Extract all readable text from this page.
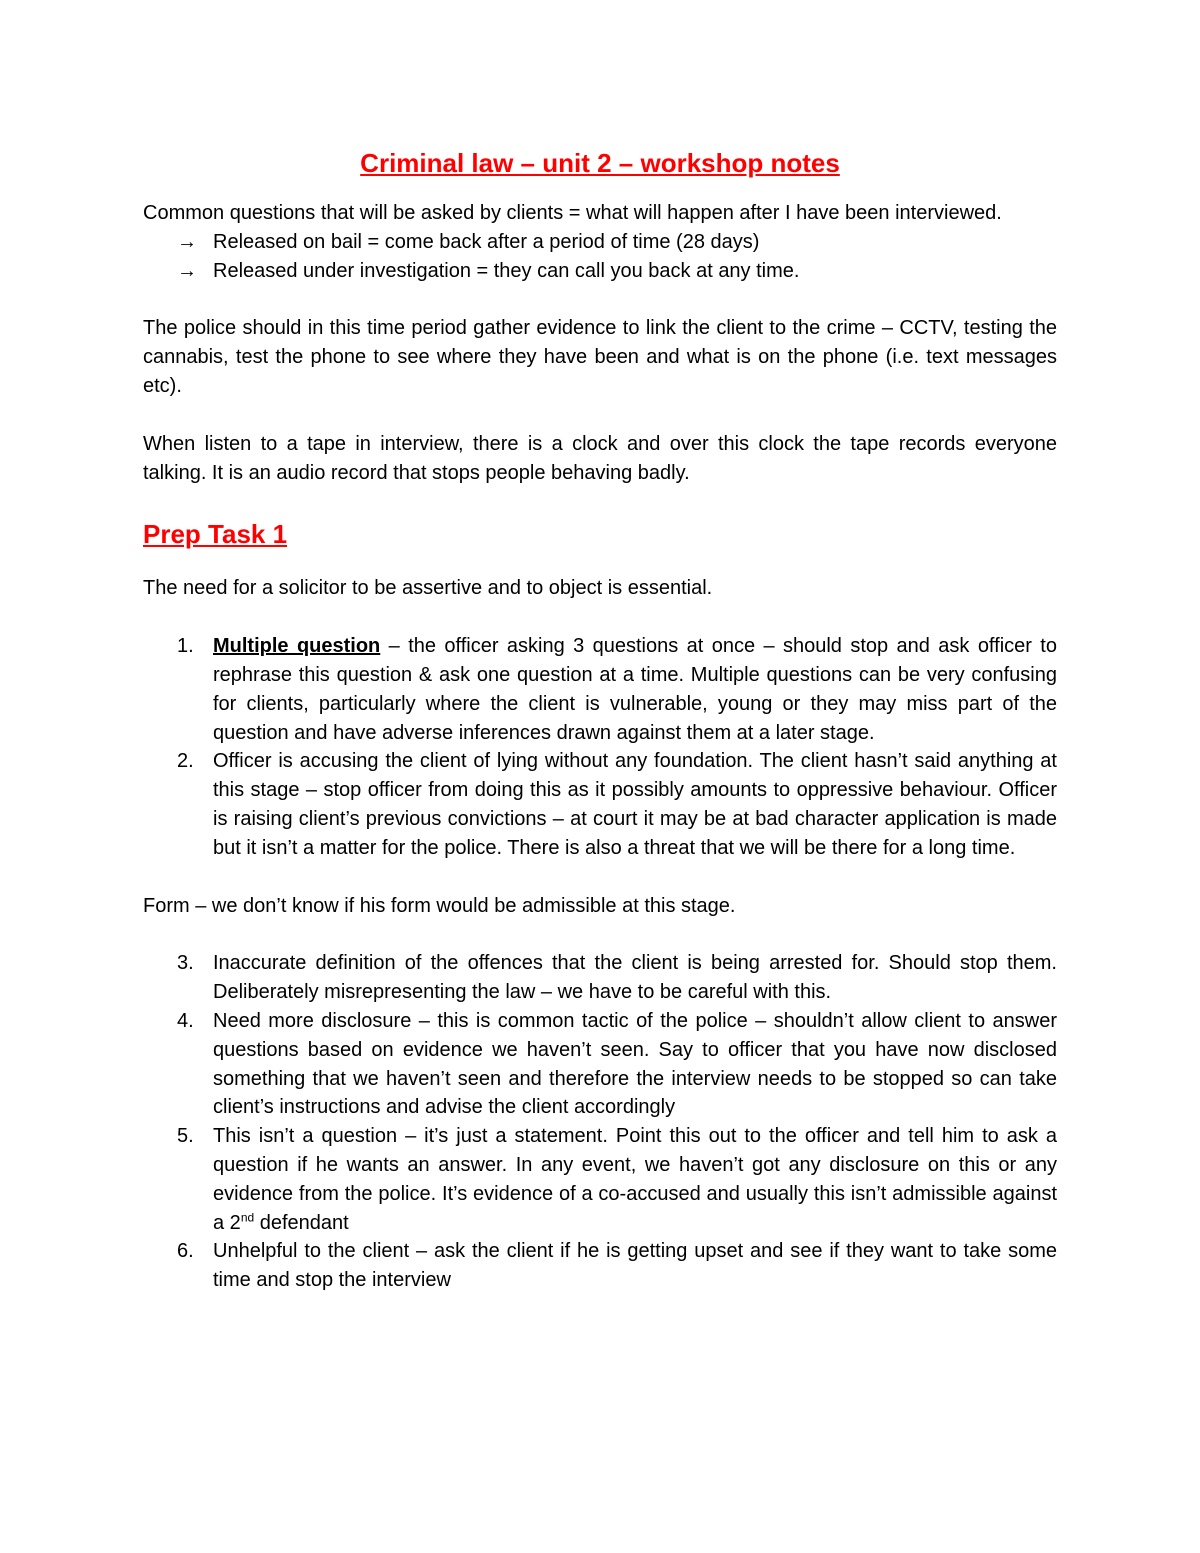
Criminal law – unit 2 – workshop notes

Common questions that will be asked by clients = what will happen after I have been interviewed.

→ Released on bail = come back after a period of time (28 days)
→ Released under investigation = they can call you back at any time.

The police should in this time period gather evidence to link the client to the crime – CCTV, testing the cannabis, test the phone to see where they have been and what is on the phone (i.e. text messages etc).

When listen to a tape in interview, there is a clock and over this clock the tape records everyone talking. It is an audio record that stops people behaving badly.

Prep Task 1

The need for a solicitor to be assertive and to object is essential.

1. Multiple question – the officer asking 3 questions at once – should stop and ask officer to rephrase this question & ask one question at a time. Multiple questions can be very confusing for clients, particularly where the client is vulnerable, young or they may miss part of the question and have adverse inferences drawn against them at a later stage.
2. Officer is accusing the client of lying without any foundation. The client hasn’t said anything at this stage – stop officer from doing this as it possibly amounts to oppressive behaviour. Officer is raising client’s previous convictions – at court it may be at bad character application is made but it isn’t a matter for the police. There is also a threat that we will be there for a long time.

Form – we don’t know if his form would be admissible at this stage.

3. Inaccurate definition of the offences that the client is being arrested for. Should stop them. Deliberately misrepresenting the law – we have to be careful with this.
4. Need more disclosure – this is common tactic of the police – shouldn’t allow client to answer questions based on evidence we haven’t seen. Say to officer that you have now disclosed something that we haven’t seen and therefore the interview needs to be stopped so can take client’s instructions and advise the client accordingly
5. This isn’t a question – it’s just a statement. Point this out to the officer and tell him to ask a question if he wants an answer. In any event, we haven’t got any disclosure on this or any evidence from the police. It’s evidence of a co-accused and usually this isn’t admissible against a 2nd defendant
6. Unhelpful to the client – ask the client if he is getting upset and see if they want to take some time and stop the interview
